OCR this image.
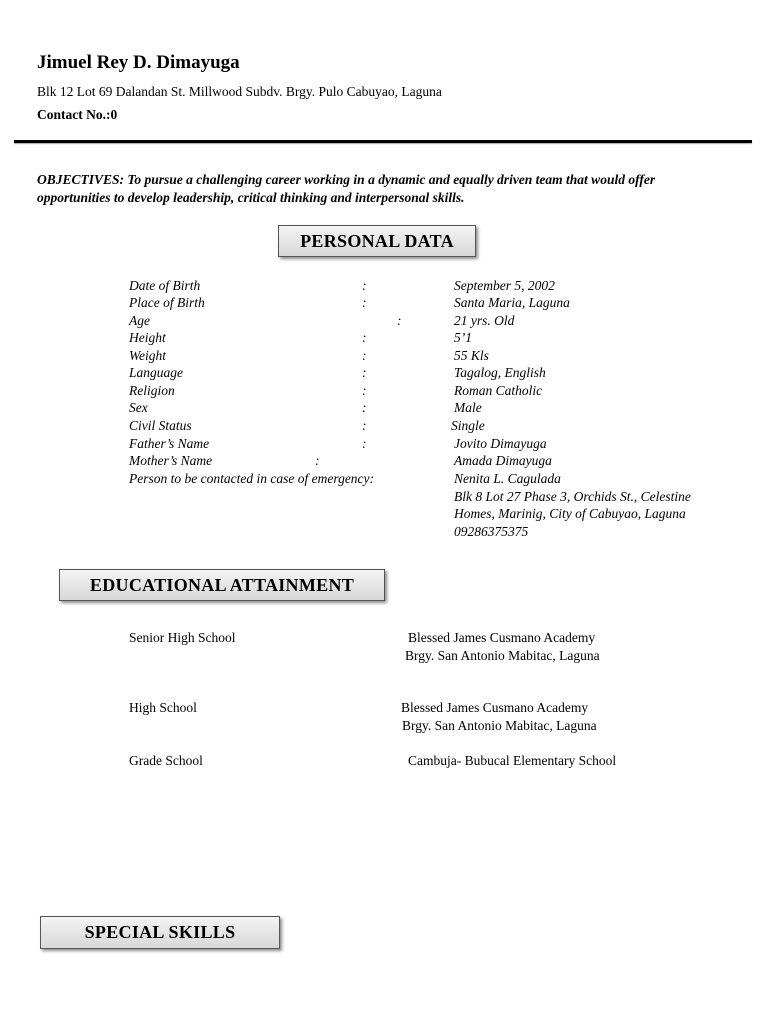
Jimuel Rey D. Dimayuga
Blk 12 Lot 69 Dalandan St. Millwood Subdv. Brgy. Pulo Cabuyao, Laguna
Contact No.:0
OBJECTIVES: To pursue a challenging career working in a dynamic and equally driven team that would offer opportunities to develop leadership, critical thinking and interpersonal skills.
PERSONAL DATA
Date of Birth	:	September 5, 2002
Place of Birth	:	Santa Maria, Laguna
Age	:	21 yrs. Old
Height	:	5’1
Weight	:	55 Kls
Language	:	Tagalog, English
Religion	:	Roman Catholic
Sex	:	Male
Civil Status	:	Single
Father’s Name	:	Jovito Dimayuga
Mother’s Name	:	Amada Dimayuga
Person to be contacted in case of emergency:	Nenita L. Cagulada
Blk 8 Lot 27 Phase 3, Orchids St., Celestine
Homes, Marinig, City of Cabuyao, Laguna
09286375375
EDUCATIONAL ATTAINMENT
Senior High School	Blessed James Cusmano Academy
Brgy. San Antonio Mabitac, Laguna
High School	Blessed James Cusmano Academy
Brgy. San Antonio Mabitac, Laguna
Grade School	Cambuja- Bubucal Elementary School
SPECIAL SKILLS
